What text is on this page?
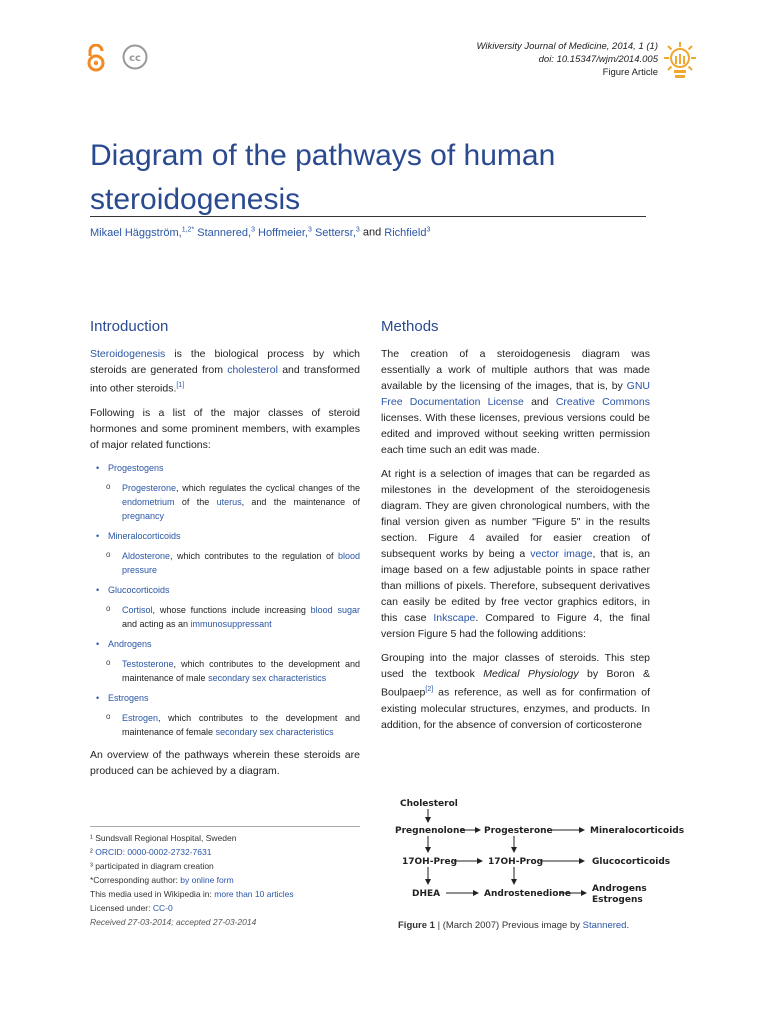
cc
Wikiversity Journal of Medicine, 2014, 1 (1)
doi: 10.15347/wjm/2014.005
Figure Article
Diagram of the pathways of human steroidogenesis
Mikael Häggström,$^{1,2*}$ Stannered,$^3$ Hoffmeier,$^3$ Settersr,$^3$ and Richfield$^3$
Introduction

Steroidogenesis is the biological process by which steroids are generated from cholesterol and transformed into other steroids.[1]

Following is a list of the major classes of steroid hormones and some prominent members, with examples of major related functions:

• Progestogens
o Progesterone, which regulates the cyclical changes of the endometrium of the uterus, and the maintenance of pregnancy
• Mineralocorticoids
o Aldosterone, which contributes to the regulation of blood pressure
• Glucocorticoids
o Cortisol, whose functions include increasing blood sugar and acting as an immunosuppressant
• Androgens
o Testosterone, which contributes to the development and maintenance of male secondary sex characteristics
• Estrogens
o Estrogen, which contributes to the development and maintenance of female secondary sex characteristics

An overview of the pathways wherein these steroids are produced can be achieved by a diagram.

¹ Sundsvall Regional Hospital, Sweden
² ORCID: 0000-0002-2732-7631
³ participated in diagram creation
*Corresponding author: by online form
This media used in Wikipedia in: more than 10 articles
Licensed under: CC-0
Received 27-03-2014; accepted 27-03-2014
Methods

The creation of a steroidogenesis diagram was essentially a work of multiple authors that was made available by the licensing of the images, that is, by GNU Free Documentation License and Creative Commons licenses. With these licenses, previous versions could be edited and improved without seeking written permission each time such an edit was made.

At right is a selection of images that can be regarded as milestones in the development of the steroidogenesis diagram. They are given chronological numbers, with the final version given as number "Figure 5" in the results section. Figure 4 availed for easier creation of subsequent works by being a vector image, that is, an image based on a few adjustable points in space rather than millions of pixels. Therefore, subsequent derivatives can easily be edited by free vector graphics editors, in this case Inkscape. Compared to Figure 4, the final version Figure 5 had the following additions:

Grouping into the major classes of steroids. This step used the textbook Medical Physiology by Boron & Boulpaep[2] as reference, as well as for confirmation of existing molecular structures, enzymes, and products. In addition, for the absence of conversion of corticosterone

Cholesterol
Pregnenolone Progesterone	Mineralocorticoids
17OH-Preg	17OH-Prog	Glucocorticoids
DHEA	Androstenedione Androgens
Estrogens
Figure 1 | (March 2007) Previous image by Stannered.
